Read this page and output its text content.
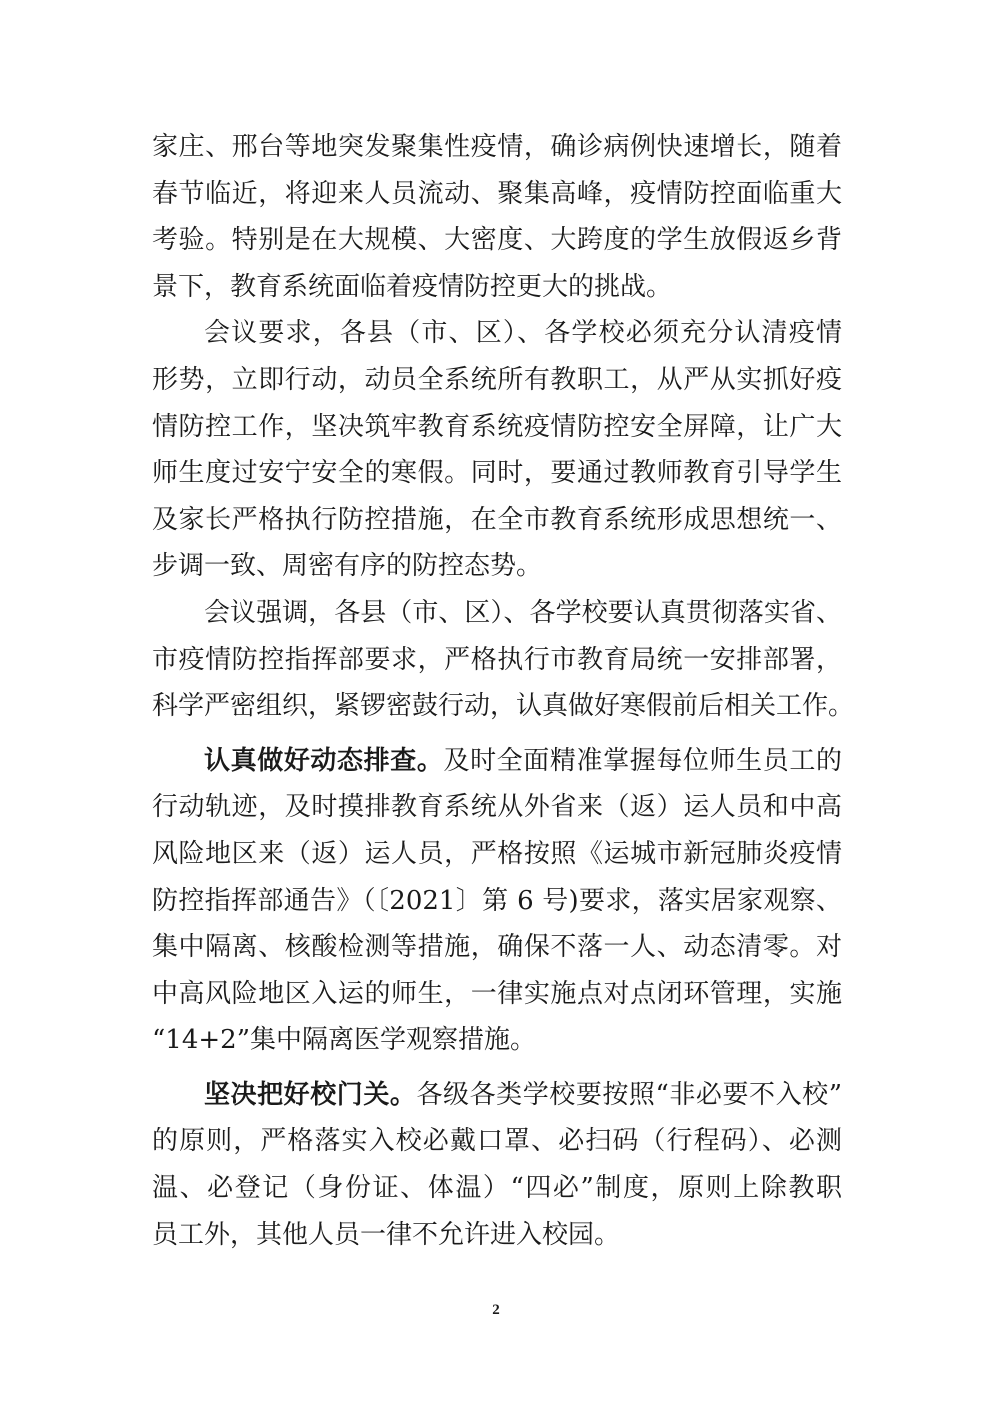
家庄、邢台等地突发聚集性疫情，确诊病例快速增长，随着
春节临近，将迎来人员流动、聚集高峰，疫情防控面临重大
考验。特别是在大规模、大密度、大跨度的学生放假返乡背
景下，教育系统面临着疫情防控更大的挑战。
会议要求，各县（市、区）、各学校必须充分认清疫情
形势，立即行动，动员全系统所有教职工，从严从实抓好疫
情防控工作，坚决筑牢教育系统疫情防控安全屏障，让广大
师生度过安宁安全的寒假。同时，要通过教师教育引导学生
及家长严格执行防控措施，在全市教育系统形成思想统一、
步调一致、周密有序的防控态势。
会议强调，各县（市、区）、各学校要认真贯彻落实省、
市疫情防控指挥部要求，严格执行市教育局统一安排部署，
科学严密组织，紧锣密鼓行动，认真做好寒假前后相关工作。
认真做好动态排查。及时全面精准掌握每位师生员工的
行动轨迹，及时摸排教育系统从外省来（返）运人员和中高
风险地区来（返）运人员，严格按照《运城市新冠肺炎疫情
防控指挥部通告》（〔2021〕第 6 号)要求，落实居家观察、
集中隔离、核酸检测等措施，确保不落一人、动态清零。对
中高风险地区入运的师生，一律实施点对点闭环管理，实施
“14+2”集中隔离医学观察措施。
坚决把好校门关。各级各类学校要按照“非必要不入校”
的原则，严格落实入校必戴口罩、必扫码（行程码）、必测
温、必登记（身份证、体温）“四必”制度，原则上除教职
员工外，其他人员一律不允许进入校园。
2
